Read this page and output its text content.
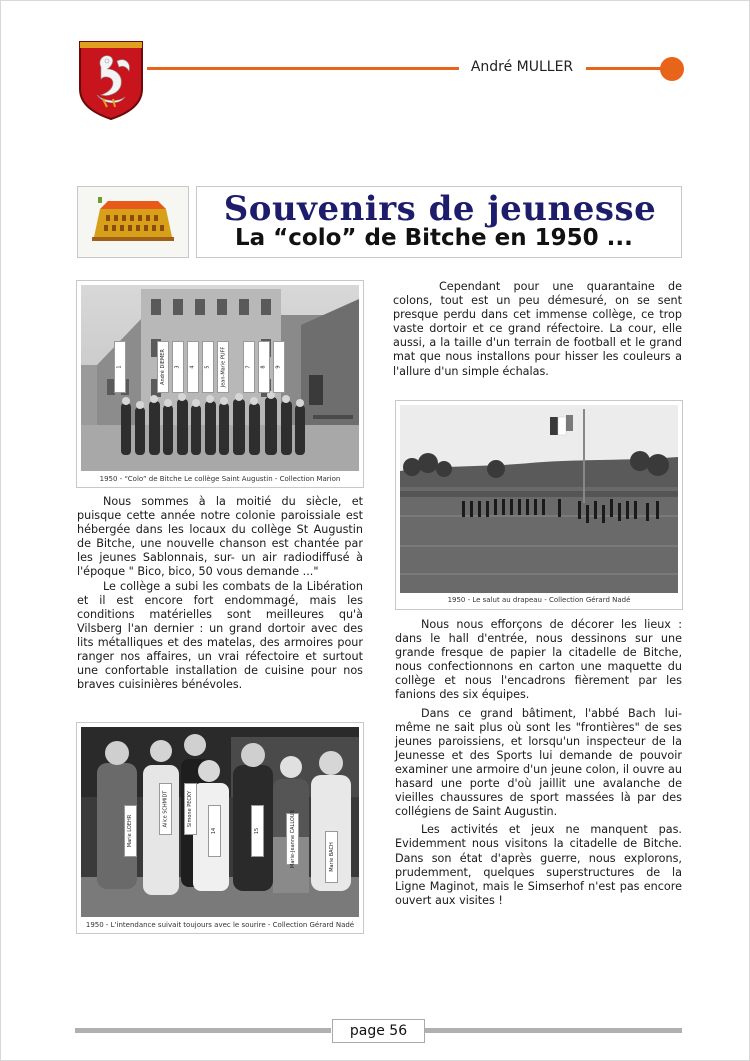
André MULLER
Souvenirs de jeunesse
La “colo” de Bitche en 1950 ...
1	André DIEMER 3 4 5 Jean-Marie PUFF	7 8 9
1950 - “Colo” de Bitche Le collège Saint Augustin - Collection Marion

Nous sommes à la moitié du siècle, et puisque cette année notre colonie paroissiale est hébergée dans les locaux du collège St Augustin de Bitche, une nouvelle chanson est chantée par les jeunes Sablonnais, sur- un air radiodiffusé à l'époque " Bico, bico, 50 vous demande ..."

Le collège a subi les combats de la Libération et il est encore fort endommagé, mais les conditions matérielles sont meilleures qu'à Vilsberg l'an dernier : un grand dortoir avec des lits métalliques et des matelas, des armoires pour ranger nos affaires, un vrai réfectoire et surtout une confortable installation de cuisine pour nos braves cuisinières bénévoles.

Marie LOEHR
Alice SCHMIDT	Simone PECKY
14	15	Marie-Jeanne CALLOUX	Marie BACH
1950 - L'intendance suivait toujours avec le sourire - Collection Gérard Nadé

Cependant pour une quarantaine de colons, tout est un peu démesuré, on se sent presque perdu dans cet immense collège, ce trop vaste dortoir et ce grand réfectoire. La cour, elle aussi, a la taille d'un terrain de football et le grand mat que nous installons pour hisser les couleurs a l'allure d'un simple échalas.

1950 - Le salut au drapeau - Collection Gérard Nadé

Nous nous efforçons de décorer les lieux : dans le hall d'entrée, nous dessinons sur une grande fresque de papier la citadelle de Bitche, nous confectionnons en carton une maquette du collège et nous l'encadrons fièrement par les fanions des six équipes.

Dans ce grand bâtiment, l'abbé Bach lui-même ne sait plus où sont les "frontières" de ses jeunes paroissiens, et lorsqu'un inspecteur de la Jeunesse et des Sports lui demande de pouvoir examiner une armoire d'un jeune colon, il ouvre au hasard une porte d'où jaillit une avalanche de vieilles chaussures de sport massées là par des collégiens de Saint Augustin.

Les activités et jeux ne manquent pas. Evidemment nous visitons la citadelle de Bitche. Dans son état d'après guerre, nous explorons, prudemment, quelques superstructures de la Ligne Maginot, mais le Simserhof n'est pas encore ouvert aux visites !

page 56
